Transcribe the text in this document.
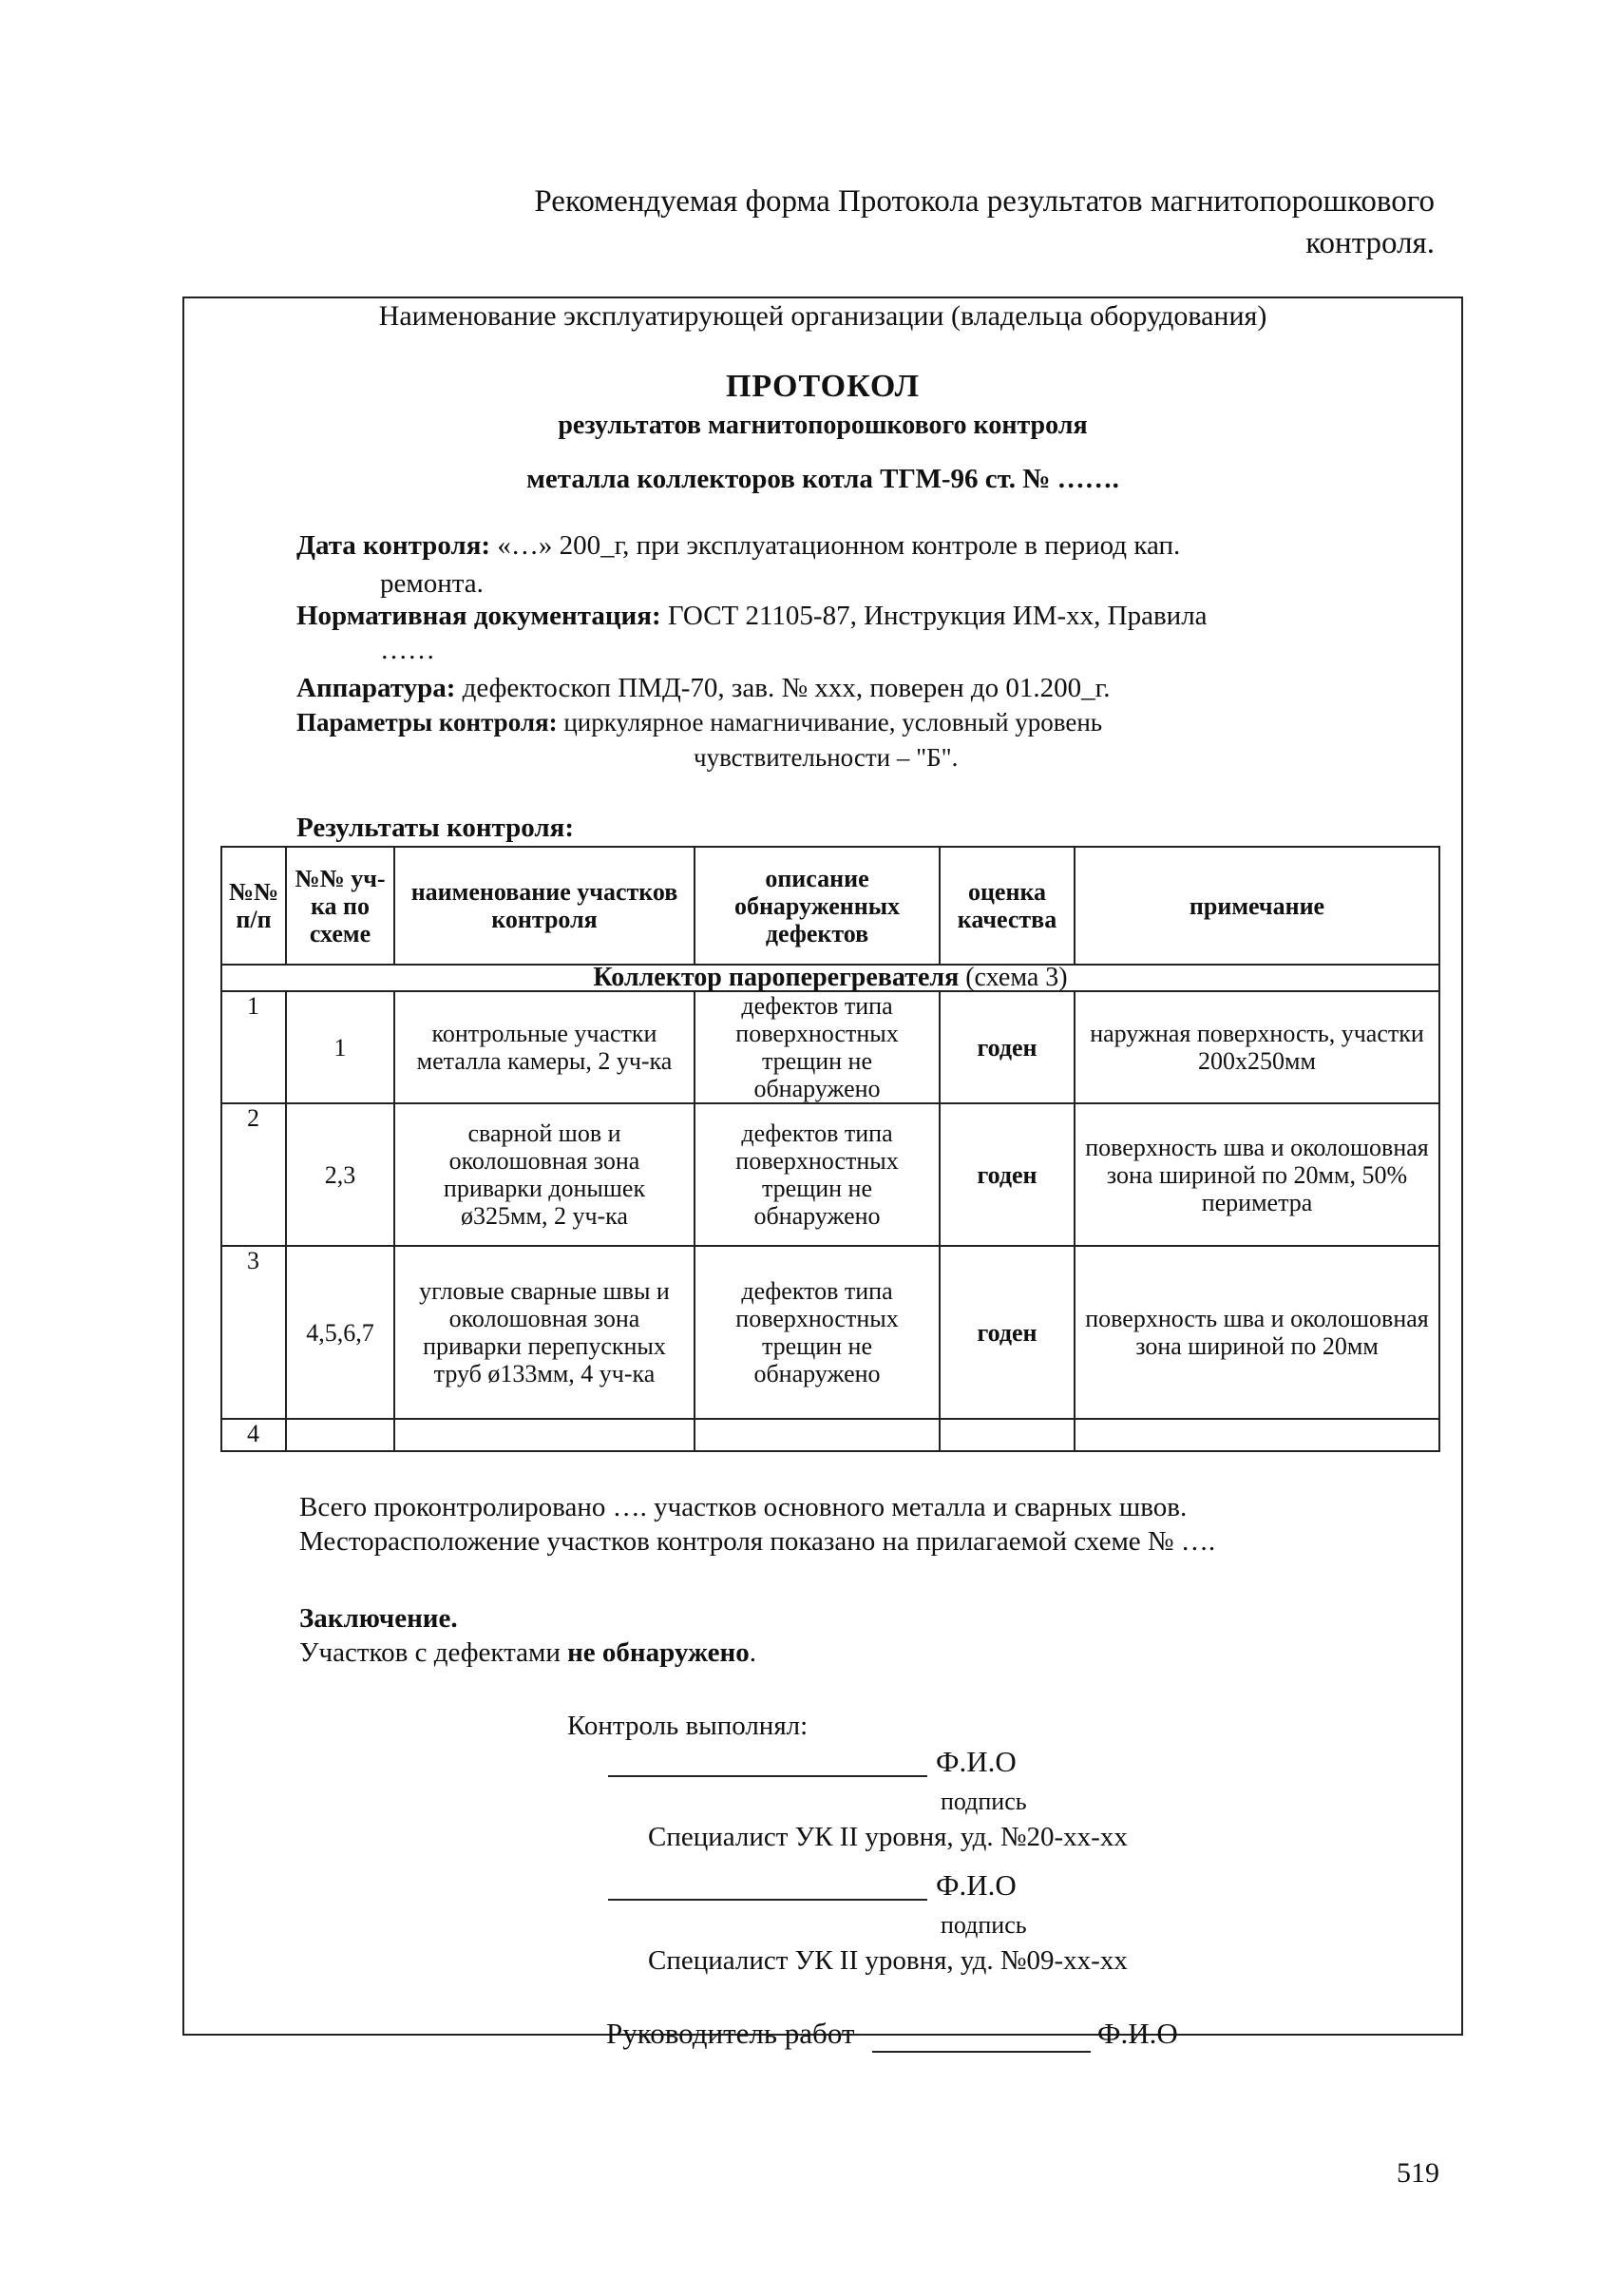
Рекомендуемая форма Протокола результатов магнитопорошкового
контроля.
Наименование эксплуатирующей организации (владельца оборудования)
ПРОТОКОЛ
результатов магнитопорошкового контроля
металла коллекторов котла ТГМ-96 ст. № …….
Дата контроля: «…» 200_г, при эксплуатационном контроле в период кап.
ремонта.
Нормативная документация: ГОСТ 21105-87, Инструкция ИМ-хх, Правила
……
Аппаратура: дефектоскоп ПМД-70, зав. № ххх, поверен до 01.200_г.
Параметры контроля: циркулярное намагничивание, условный уровень
чувствительности – "Б".
Результаты контроля:
№№ п/п	№№ уч-ка по схеме	наименование участков контроля	описание обнаруженных дефектов	оценка качества	примечание
Коллектор пароперегревателя (схема 3)					
1	1	контрольные участки металла камеры, 2 уч-ка	дефектов типа поверхностных трещин не обнаружено	годен	наружная поверхность, участки 200х250мм
2	2,3	сварной шов и околошовная зона приварки донышек ø325мм, 2 уч-ка	дефектов типа поверхностных трещин не обнаружено	годен	поверхность шва и околошовная зона шириной по 20мм, 50% периметра
3	4,5,6,7	угловые сварные швы и околошовная зона приварки перепускных труб ø133мм, 4 уч-ка	дефектов типа поверхностных трещин не обнаружено	годен	поверхность шва и околошовная зона шириной по 20мм
4					
Всего проконтролировано …. участков основного металла и сварных швов.
Месторасположение участков контроля показано на прилагаемой схеме № ….
Заключение.
Участков с дефектами не обнаружено.
Контроль выполнял:
Ф.И.О
подпись
Специалист УК II уровня, уд. №20-хх-хх
Ф.И.О
подпись
Специалист УК II уровня, уд. №09-хх-хх
Руководитель работ	Ф.И.О
519
